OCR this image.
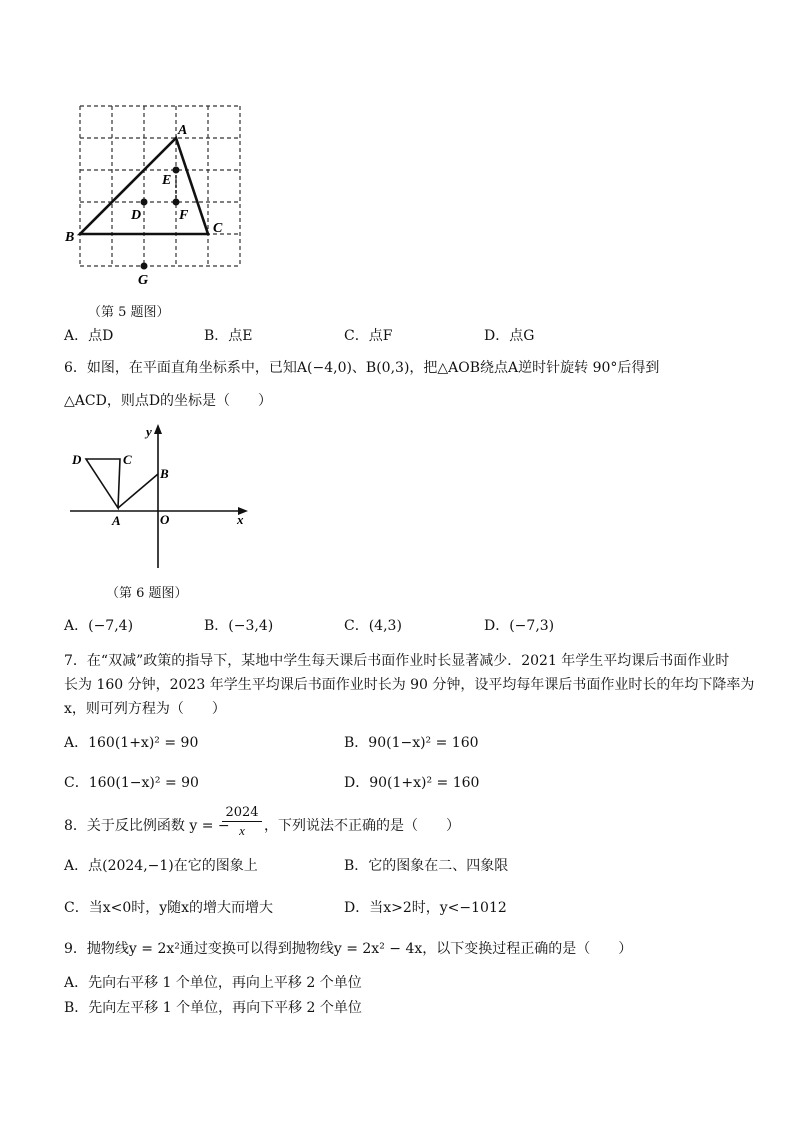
A
E
D	F
C
B
G
（第 5 题图）
A．点D	B．点E	C．点F	D．点G
6．如图，在平面直角坐标系中，已知A(−4,0)、B(0,3)，把△AOB绕点A逆时针旋转 90°后得到
△ACD，则点D的坐标是（　　）
y
x
O
A
B
C
D
（第 6 题图）
A．(−7,4)	B．(−3,4)	C．(4,3)	D．(−7,3)
7．在“双减”政策的指导下，某地中学生每天课后书面作业时长显著减少．2021 年学生平均课后书面作业时
长为 160 分钟，2023 年学生平均课后书面作业时长为 90 分钟，设平均每年课后书面作业时长的年均下降率为
x，则可列方程为（　　）
A．160(1+x)² = 90	B．90(1−x)² = 160
C．160(1−x)² = 90	D．90(1+x)² = 160
8．关于反比例函数 y = −
$\frac{2024}{x}$ ，下列说法不正确的是（　　）
A．点(2024,−1)在它的图象上	B．它的图象在二、四象限
C．当x<0时，y随x的增大而增大	D．当x>2时，y<−1012
9．抛物线y = 2x²通过变换可以得到抛物线y = 2x² − 4x，以下变换过程正确的是（　　）
A．先向右平移 1 个单位，再向上平移 2 个单位
B．先向左平移 1 个单位，再向下平移 2 个单位
